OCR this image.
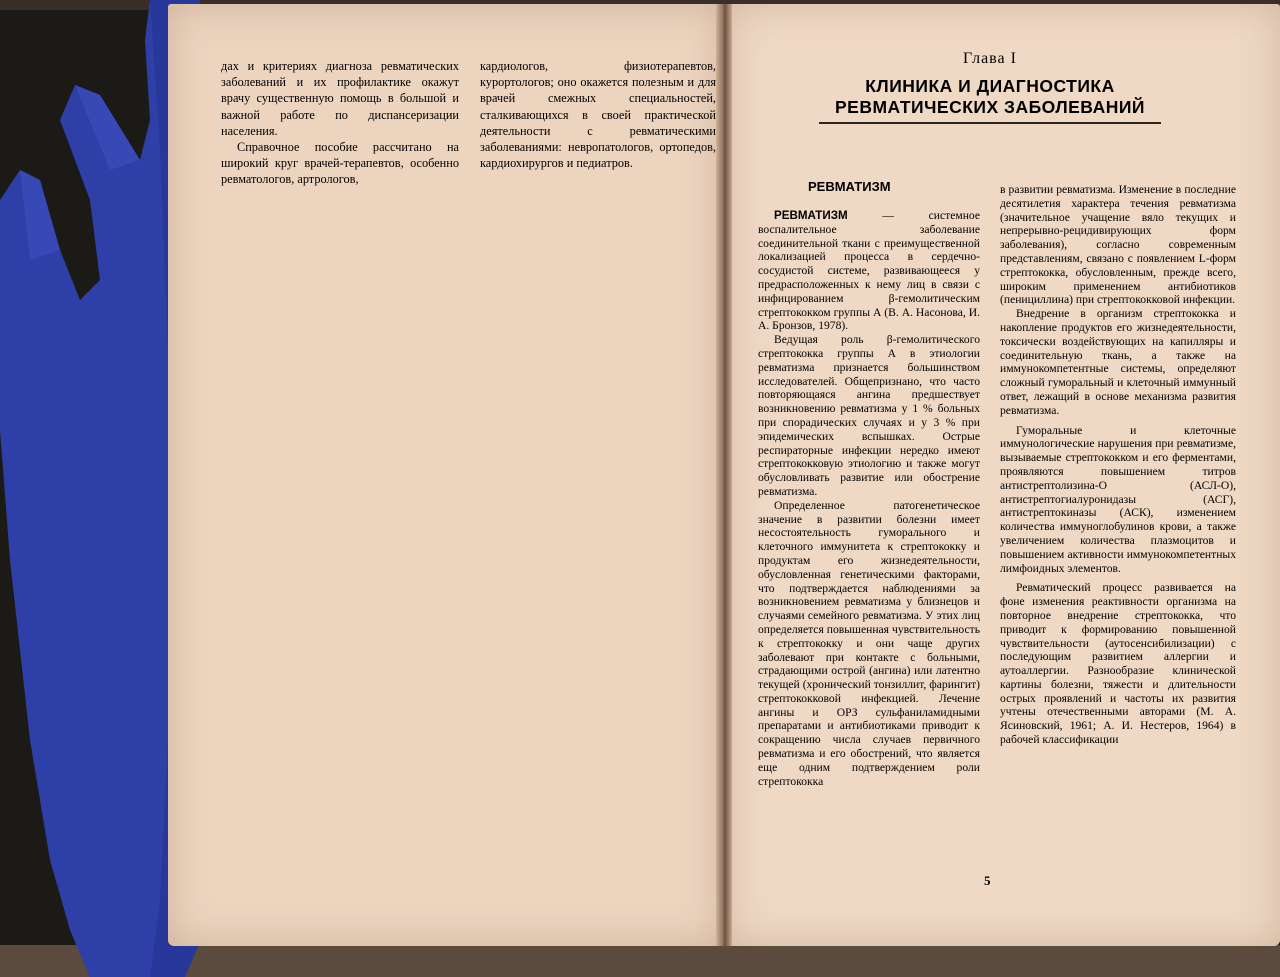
дах и критериях диагноза ревматических заболеваний и их профилактике окажут врачу существенную помощь в большой и важной работе по диспансеризации населения.

Справочное пособие рассчитано на широкий круг врачей-терапевтов, особенно ревматологов, артрологов,

кардиологов, физиотерапевтов, курортологов; оно окажется полезным и для врачей смежных специальностей, сталкивающихся в своей практической деятельности с ревматическими заболеваниями: невропатологов, ортопедов, кардиохирургов и педиатров.

Глава I
КЛИНИКА И ДИАГНОСТИКА
РЕВМАТИЧЕСКИХ ЗАБОЛЕВАНИЙ
РЕВМАТИЗМ

РЕВМАТИЗМ — системное воспалительное заболевание соединительной ткани с преимущественной локализацией процесса в сердечно-сосудистой системе, развивающееся у предрасположенных к нему лиц в связи с инфицированием β-гемолитическим стрептококком группы А (В. А. Насонова, И. А. Бронзов, 1978).

Ведущая роль β-гемолитического стрептококка группы А в этиологии ревматизма признается большинством исследователей. Общепризнано, что часто повторяющаяся ангина предшествует возникновению ревматизма у 1 % больных при спорадических случаях и у 3 % при эпидемических вспышках. Острые респираторные инфекции нередко имеют стрептококковую этиологию и также могут обусловливать развитие или обострение ревматизма.

Определенное патогенетическое значение в развитии болезни имеет несостоятельность гуморального и клеточного иммунитета к стрептококку и продуктам его жизнедеятельности, обусловленная генетическими факторами, что подтверждается наблюдениями за возникновением ревматизма у близнецов и случаями семейного ревматизма. У этих лиц определяется повышенная чувствительность к стрептококку и они чаще других заболевают при контакте с больными, страдающими острой (ангина) или латентно текущей (хронический тонзиллит, фарингит) стрептококковой инфекцией. Лечение ангины и ОРЗ сульфаниламидными препаратами и антибиотиками приводит к сокращению числа случаев первичного ревматизма и его обострений, что является еще одним подтверждением роли стрептококка

в развитии ревматизма. Изменение в последние десятилетия характера течения ревматизма (значительное учащение вяло текущих и непрерывно-рецидивирующих форм заболевания), согласно современным представлениям, связано с появлением L-форм стрептококка, обусловленным, прежде всего, широким применением антибиотиков (пенициллина) при стрептококковой инфекции.

Внедрение в организм стрептококка и накопление продуктов его жизнедеятельности, токсически воздействующих на капилляры и соединительную ткань, а также на иммунокомпетентные системы, определяют сложный гуморальный и клеточный иммунный ответ, лежащий в основе механизма развития ревматизма.

Гуморальные и клеточные иммунологические нарушения при ревматизме, вызываемые стрептококком и его ферментами, проявляются повышением титров антистрептолизина-О (АСЛ-О), антистрептогиалуронидазы (АСГ), антистрептокиназы (АСК), изменением количества иммуноглобулинов крови, а также увеличением количества плазмоцитов и повышением активности иммунокомпетентных лимфоидных элементов.

Ревматический процесс развивается на фоне изменения реактивности организма на повторное внедрение стрептококка, что приводит к формированию повышенной чувствительности (аутосенсибилизации) с последующим развитием аллергии и аутоаллергии. Разнообразие клинической картины болезни, тяжести и длительности острых проявлений и частоты их развития учтены отечественными авторами (М. А. Ясиновский, 1961; А. И. Нестеров, 1964) в рабочей классификации

5
